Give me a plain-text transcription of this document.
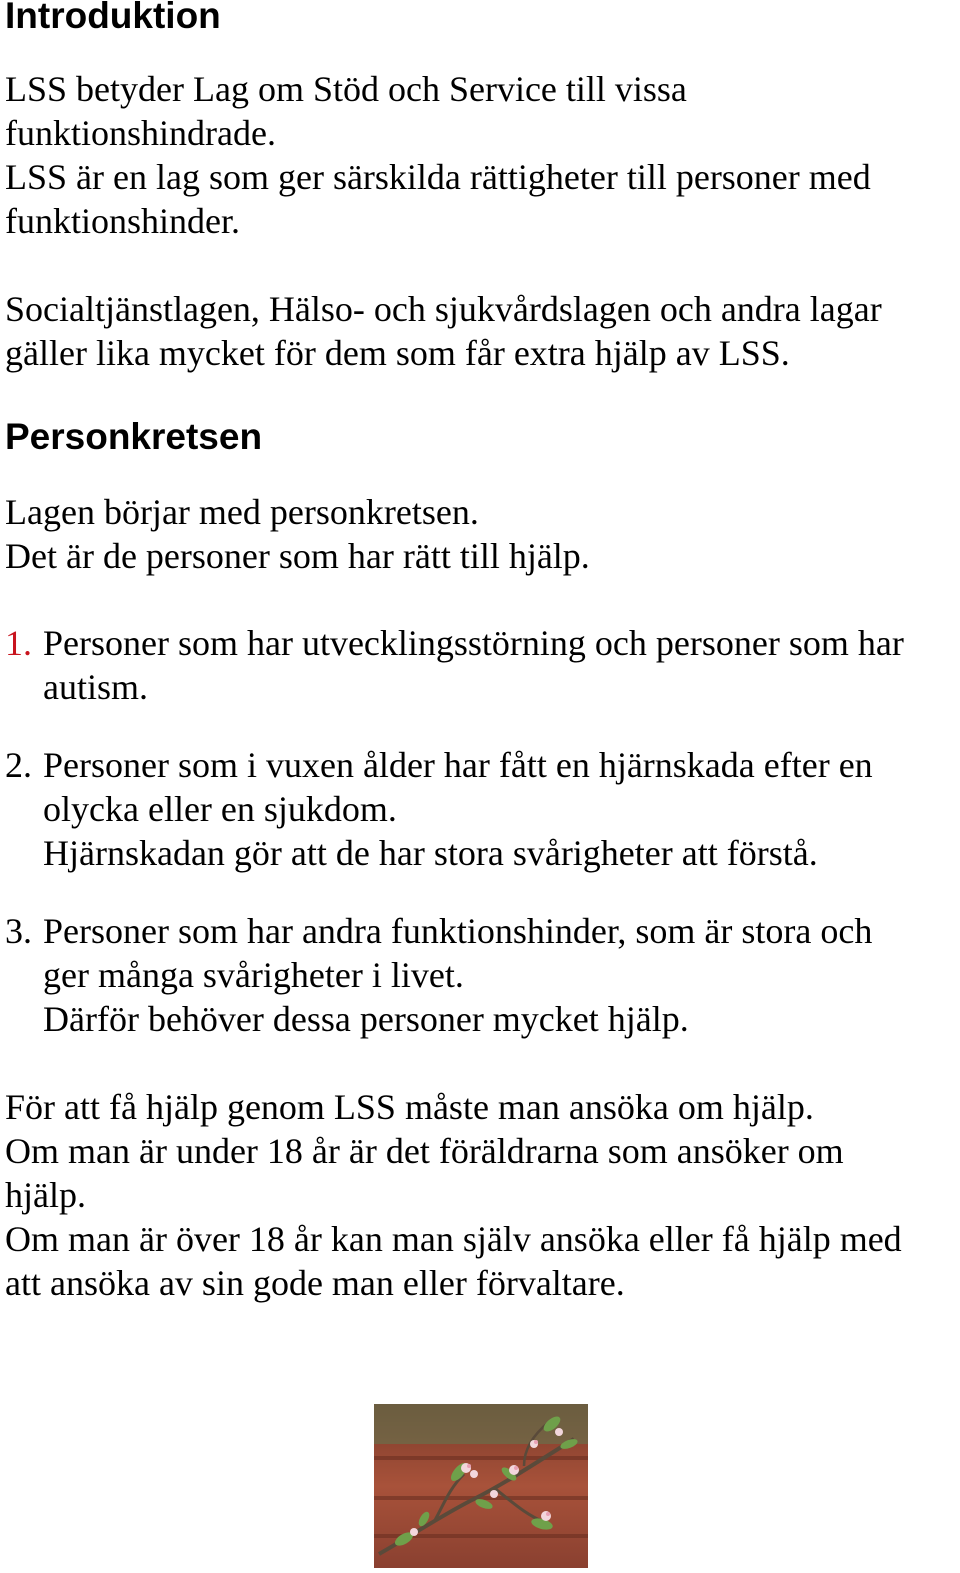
Introduktion

LSS betyder Lag om Stöd och Service till vissa
funktionshindrade.
LSS är en lag som ger särskilda rättigheter till personer med
funktionshinder.

Socialtjänstlagen, Hälso- och sjukvårdslagen och andra lagar
gäller lika mycket för dem som får extra hjälp av LSS.

Personkretsen

Lagen börjar med personkretsen.
Det är de personer som har rätt till hjälp.

1. Personer som har utvecklingsstörning och personer som har
autism.
2. Personer som i vuxen ålder har fått en hjärnskada efter en
olycka eller en sjukdom.
Hjärnskadan gör att de har stora svårigheter att förstå.
3. Personer som har andra funktionshinder, som är stora och
ger många svårigheter i livet.
Därför behöver dessa personer mycket hjälp.

För att få hjälp genom LSS måste man ansöka om hjälp.
Om man är under 18 år är det föräldrarna som ansöker om
hjälp.
Om man är över 18 år kan man själv ansöka eller få hjälp med
att ansöka av sin gode man eller förvaltare.
